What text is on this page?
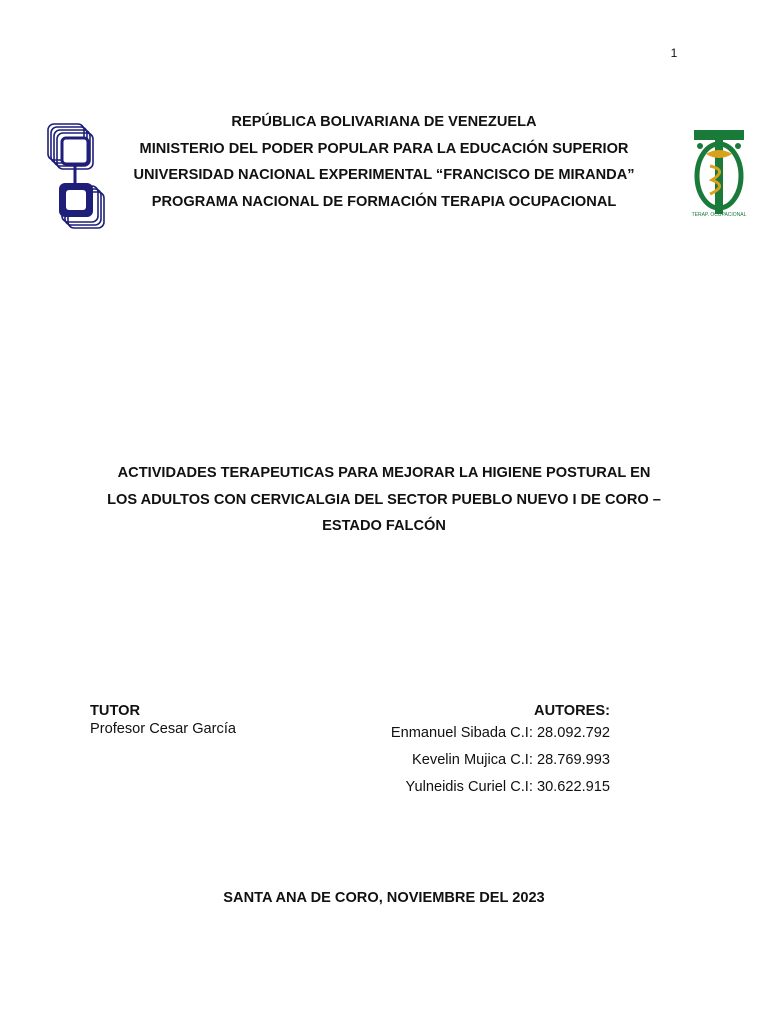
1
TERAP. OCUPACIONAL
REPÚBLICA BOLIVARIANA DE VENEZUELA
MINISTERIO DEL PODER POPULAR PARA LA EDUCACIÓN SUPERIOR
UNIVERSIDAD NACIONAL EXPERIMENTAL “FRANCISCO DE MIRANDA”
PROGRAMA NACIONAL DE FORMACIÓN TERAPIA OCUPACIONAL
ACTIVIDADES TERAPEUTICAS PARA MEJORAR LA HIGIENE POSTURAL EN
LOS ADULTOS CON CERVICALGIA DEL SECTOR PUEBLO NUEVO I DE CORO –
ESTADO FALCÓN
TUTOR
Profesor Cesar García
AUTORES:
Enmanuel Sibada C.I: 28.092.792
Kevelin Mujica C.I: 28.769.993
Yulneidis Curiel C.I: 30.622.915
SANTA ANA DE CORO, NOVIEMBRE DEL 2023
